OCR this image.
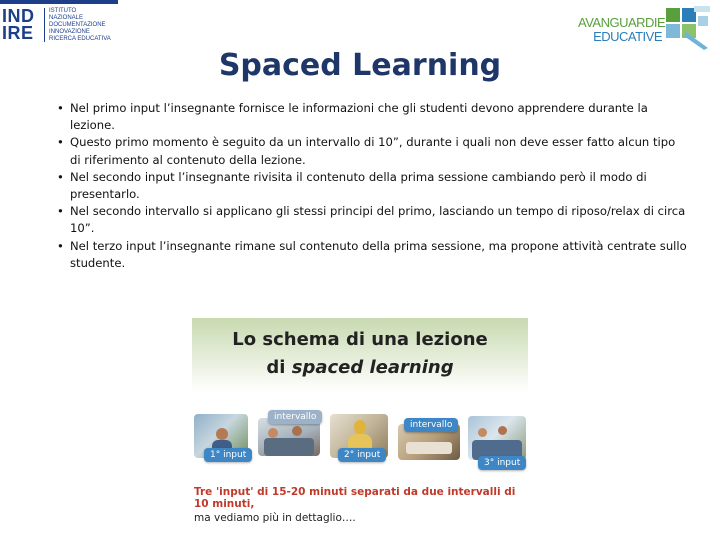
IND
IRE
ISTITUTO
NAZIONALE
DOCUMENTAZIONE
INNOVAZIONE
RICERCA EDUCATIVA
AVANGUARDIE
EDUCATIVE
Spaced Learning
• Nel primo input l’insegnante fornisce le informazioni che gli studenti devono apprendere durante la lezione.
• Questo primo momento è seguito da un intervallo di 10”, durante i quali non deve esser fatto alcun tipo di riferimento al contenuto della lezione.
• Nel secondo input l’insegnante rivisita il contenuto della prima sessione cambiando però il modo di presentarlo.
• Nel secondo intervallo si applicano gli stessi principi del primo, lasciando un tempo di riposo/relax di circa 10”.
• Nel terzo input l’insegnante rimane sul contenuto della prima sessione, ma propone attività centrate sullo studente.
Lo schema di una lezione
di spaced learning
1° input
intervallo
2° input
intervallo
3° input
Tre 'input' di 15-20 minuti separati da due intervalli di 10 minuti,
ma vediamo più in dettaglio….
